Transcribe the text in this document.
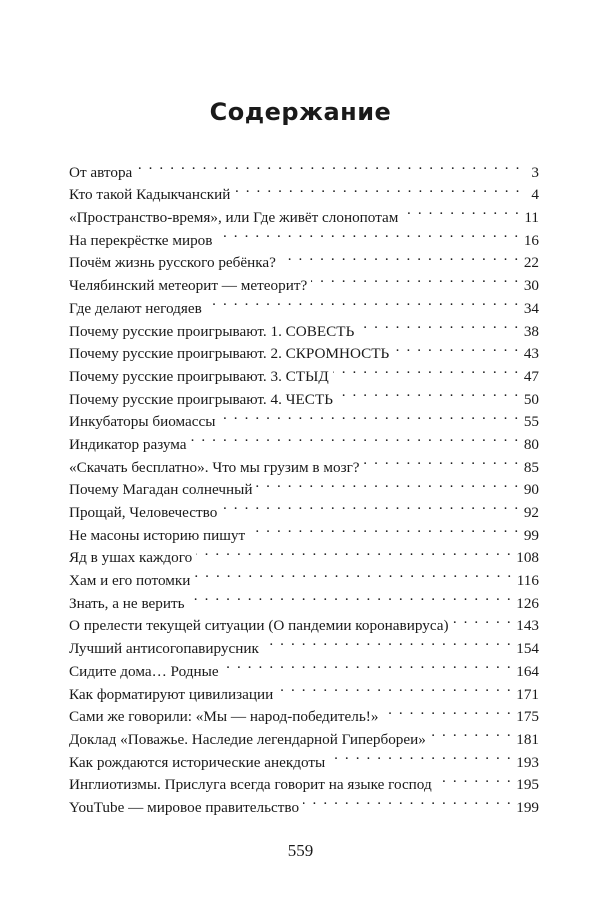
Содержание
От автора . . .	3
Кто такой Кадыкчанский . . .	4
«Пространство-время», или Где живёт слонопотам . . .	11
На перекрёстке миров . . .	16
Почём жизнь русского ребёнка? . . .	22
Челябинский метеорит — метеорит? . . .	30
Где делают негодяев . . .	34
Почему русские проигрывают. 1. СОВЕСТЬ . . .	38
Почему русские проигрывают. 2. СКРОМНОСТЬ . . .	43
Почему русские проигрывают. 3. СТЫД . . .	47
Почему русские проигрывают. 4. ЧЕСТЬ . . .	50
Инкубаторы биомассы . . .	55
Индикатор разума . . .	80
«Скачать бесплатно». Что мы грузим в мозг? . . .	85
Почему Магадан солнечный . . .	90
Прощай, Человечество . . .	92
Не масоны историю пишут . . .	99
Яд в ушах каждого . . .	108
Хам и его потомки . . .	116
Знать, а не верить . . .	126
О прелести текущей ситуации (О пандемии коронавируса) . . .	143
Лучший антисогопавирусник . . .	154
Сидите дома… Родные . . .	164
Как форматируют цивилизации . . .	171
Сами же говорили: «Мы — народ-победитель!» . . .	175
Доклад «Поважье. Наследие легендарной Гипербореи» . . .	181
Как рождаются исторические анекдоты . . .	193
Инглиотизмы. Прислуга всегда говорит на языке господ . . .	195
YouTube — мировое правительство . . .	199
559
